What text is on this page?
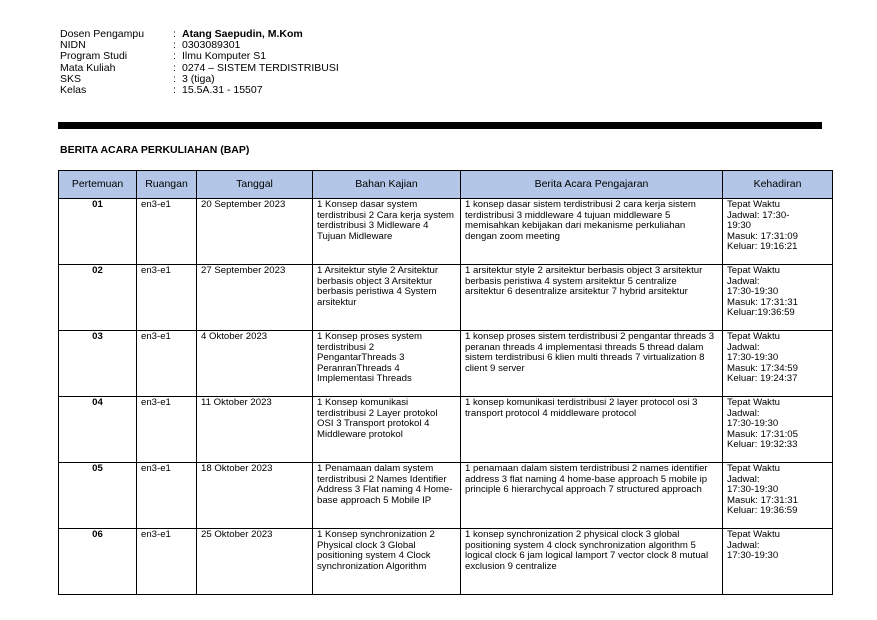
Dosen Pengampu	: Atang Saepudin, M.Kom
NIDN	: 0303089301
Program Studi	: Ilmu Komputer S1
Mata Kuliah	: 0274 – SISTEM TERDISTRIBUSI
SKS	: 3 (tiga)
Kelas	: 15.5A.31 - 15507
BERITA ACARA PERKULIAHAN (BAP)
Pertemuan	Ruangan	Tanggal	Bahan Kajian	Berita Acara Pengajaran	Kehadiran
01	en3-e1	20 September 2023	1 Konsep dasar system terdistribusi 2 Cara kerja system terdistribusi 3 Midleware 4 Tujuan Midleware	1 konsep dasar sistem terdistribusi 2 cara kerja sistem terdistribusi 3 middleware 4 tujuan middleware 5 memisahkan kebijakan dari mekanisme perkuliahan dengan zoom meeting	Tepat Waktu
Jadwal: 17:30-
19:30
Masuk: 17:31:09
Keluar: 19:16:21

02	en3-e1	27 September 2023	1 Arsitektur style 2 Arsitektur berbasis object 3 Arsitektur berbasis peristiwa 4 System arsitektur	1 arsitektur style 2 arsitektur berbasis object 3 arsitektur berbasis peristiwa 4 system arsitektur 5 centralize arsitektur 6 desentralize arsitektur 7 hybrid arsitektur	Tepat Waktu
Jadwal:
17:30-19:30
Masuk: 17:31:31
Keluar:19:36:59

03	en3-e1	4 Oktober 2023	1 Konsep proses system terdistribusi 2 PengantarThreads 3 PeranranThreads 4 Implementasi Threads	1 konsep proses sistem terdistribusi 2 pengantar threads 3 peranan threads 4 implementasi threads 5 thread dalam sistem terdistribusi 6 klien multi threads 7 virtualization 8 client 9 server	Tepat Waktu
Jadwal:
17:30-19:30
Masuk: 17:34:59
Keluar: 19:24:37

04	en3-e1	11 Oktober 2023	1 Konsep komunikasi terdistribusi 2 Layer protokol OSI 3 Transport protokol 4 Middleware protokol	1 konsep komunikasi terdistribusi 2 layer protocol osi 3 transport protocol 4 middleware protocol	Tepat Waktu
Jadwal:
17:30-19:30
Masuk: 17:31:05
Keluar: 19:32:33

05	en3-e1	18 Oktober 2023	1 Penamaan dalam system terdistribusi 2 Names Identifier Address 3 Flat naming 4 Home-base approach 5 Mobile IP	1 penamaan dalam sistem terdistribusi 2 names identifier address 3 flat naming 4 home-base approach 5 mobile ip principle 6 hierarchycal approach 7 structured approach	Tepat Waktu
Jadwal:
17:30-19:30
Masuk: 17:31:31
Keluar: 19:36:59

06	en3-e1	25 Oktober 2023	1 Konsep synchronization 2 Physical clock 3 Global positioning system 4 Clock synchronization Algorithm	1 konsep synchronization 2 physical clock 3 global positioning system 4 clock synchronization algorithm 5 logical clock 6 jam logical lamport 7 vector clock 8 mutual exclusion 9 centralize	Tepat Waktu
Jadwal:
17:30-19:30
